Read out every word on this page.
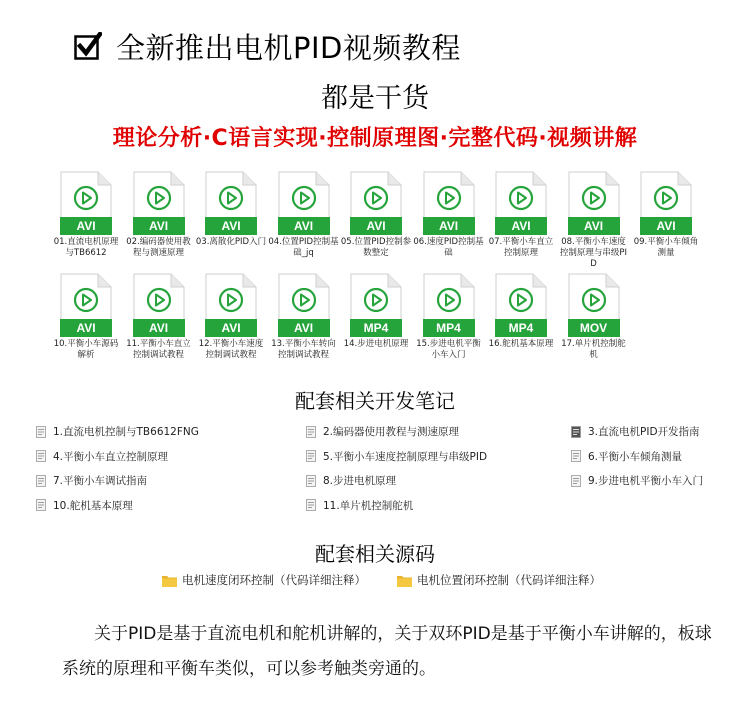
全新推出电机PID视频教程
都是干货
理论分析·C语言实现·控制原理图·完整代码·视频讲解
AVI
01.直流电机原理与TB6612
AVI
02.编码器使用教程与测速原理
AVI
03.离散化PID入门
AVI
04.位置PID控制基础_jq
AVI
05.位置PID控制参数整定
AVI
06.速度PID控制基础
AVI
07.平衡小车直立控制原理
AVI
08.平衡小车速度控制原理与串级PID
AVI
09.平衡小车倾角测量
AVI
10.平衡小车源码解析
AVI
11.平衡小车直立控制调试教程
AVI
12.平衡小车速度控制调试教程
AVI
13.平衡小车转向控制调试教程
MP4
14.步进电机原理
MP4
15.步进电机平衡小车入门
MP4
16.舵机基本原理
MOV
17.单片机控制舵机
配套相关开发笔记
1.直流电机控制与TB6612FNG	2.编码器使用教程与测速原理	3.直流电机PID开发指南
4.平衡小车直立控制原理	5.平衡小车速度控制原理与串级PID	6.平衡小车倾角测量
7.平衡小车调试指南	8.步进电机原理	9.步进电机平衡小车入门
10.舵机基本原理	11.单片机控制舵机
配套相关源码
电机速度闭环控制（代码详细注释）	电机位置闭环控制（代码详细注释）
关于PID是基于直流电机和舵机讲解的，关于双环PID是基于平衡小车讲解的，板球系统的原理和平衡车类似，可以参考触类旁通的。
